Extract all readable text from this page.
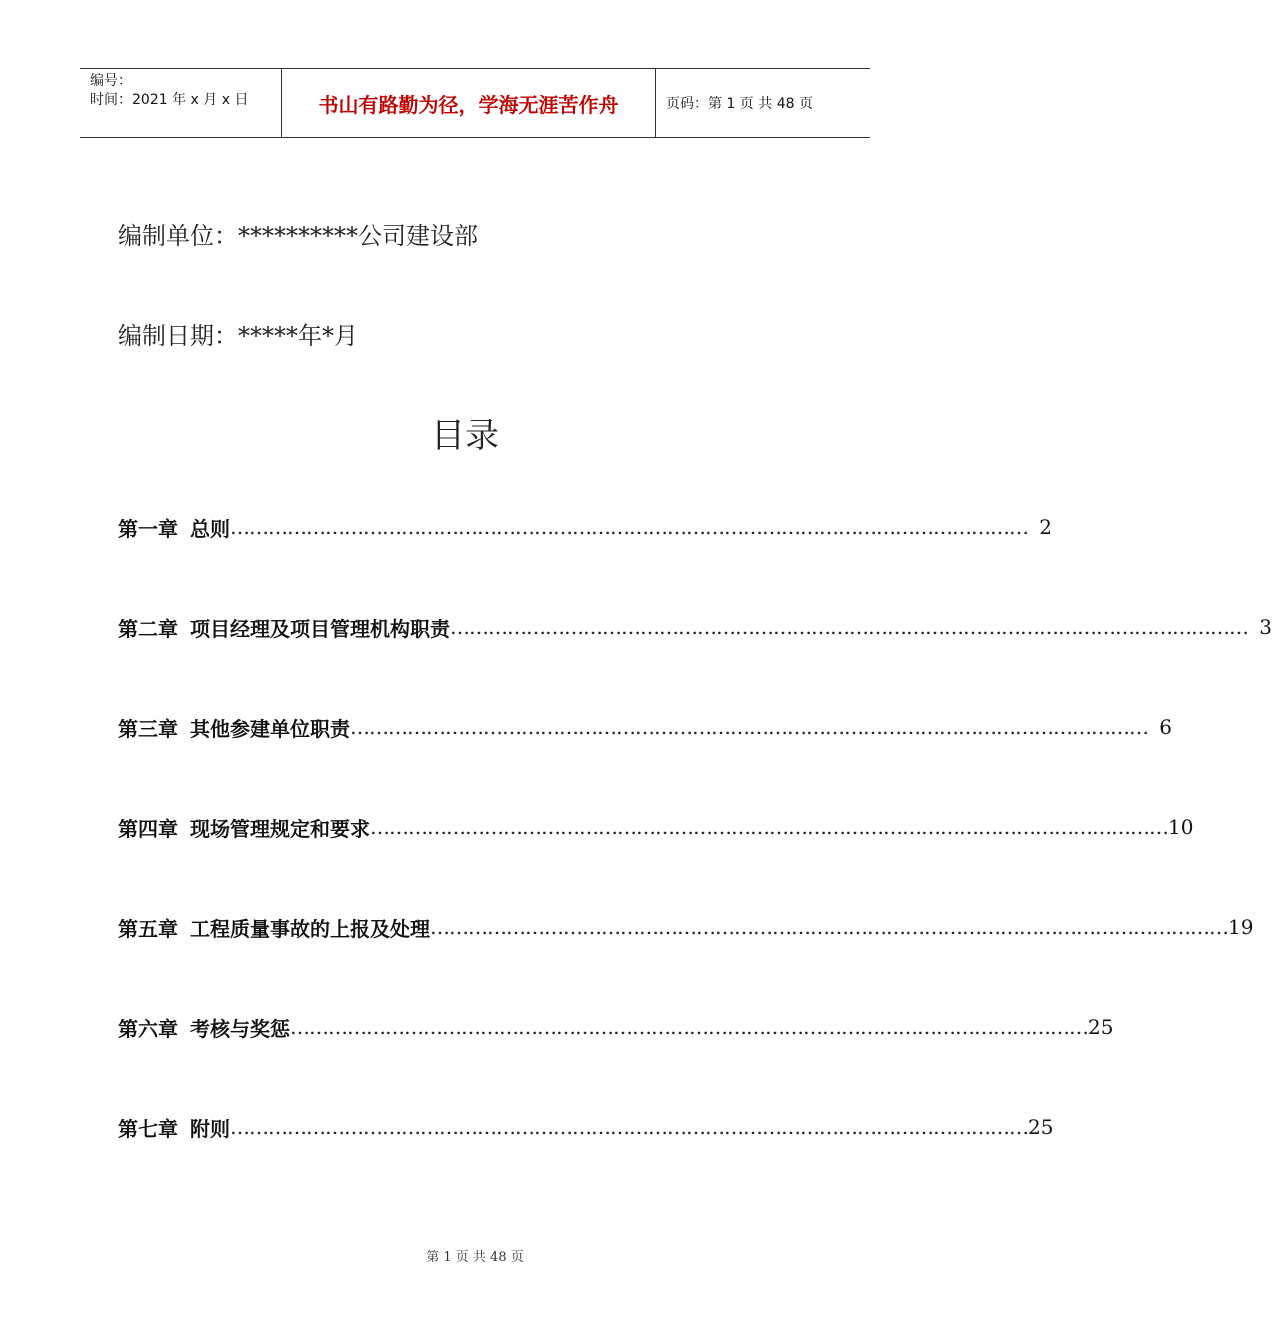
编号：
时间：2021 年 x 月 x 日	书山有路勤为径，学海无涯苦作舟	页码：第 1 页 共 48 页
编制单位：**********公司建设部
编制日期：*****年*月
目录
第一章 总则 ……………………………………………………………………………………………………………… 2
第二章 项目经理及项目管理机构职责 ……………………………………………………………………………………………………………… 3
第三章 其他参建单位职责 ……………………………………………………………………………………………………………… 6
第四章 现场管理规定和要求 ……………………………………………………………………………………………………………… 10
第五章 工程质量事故的上报及处理 ……………………………………………………………………………………………………………… 19
第六章 考核与奖惩 ……………………………………………………………………………………………………………… 25
第七章 附则 ……………………………………………………………………………………………………………… 25
第 1 页 共 48 页
